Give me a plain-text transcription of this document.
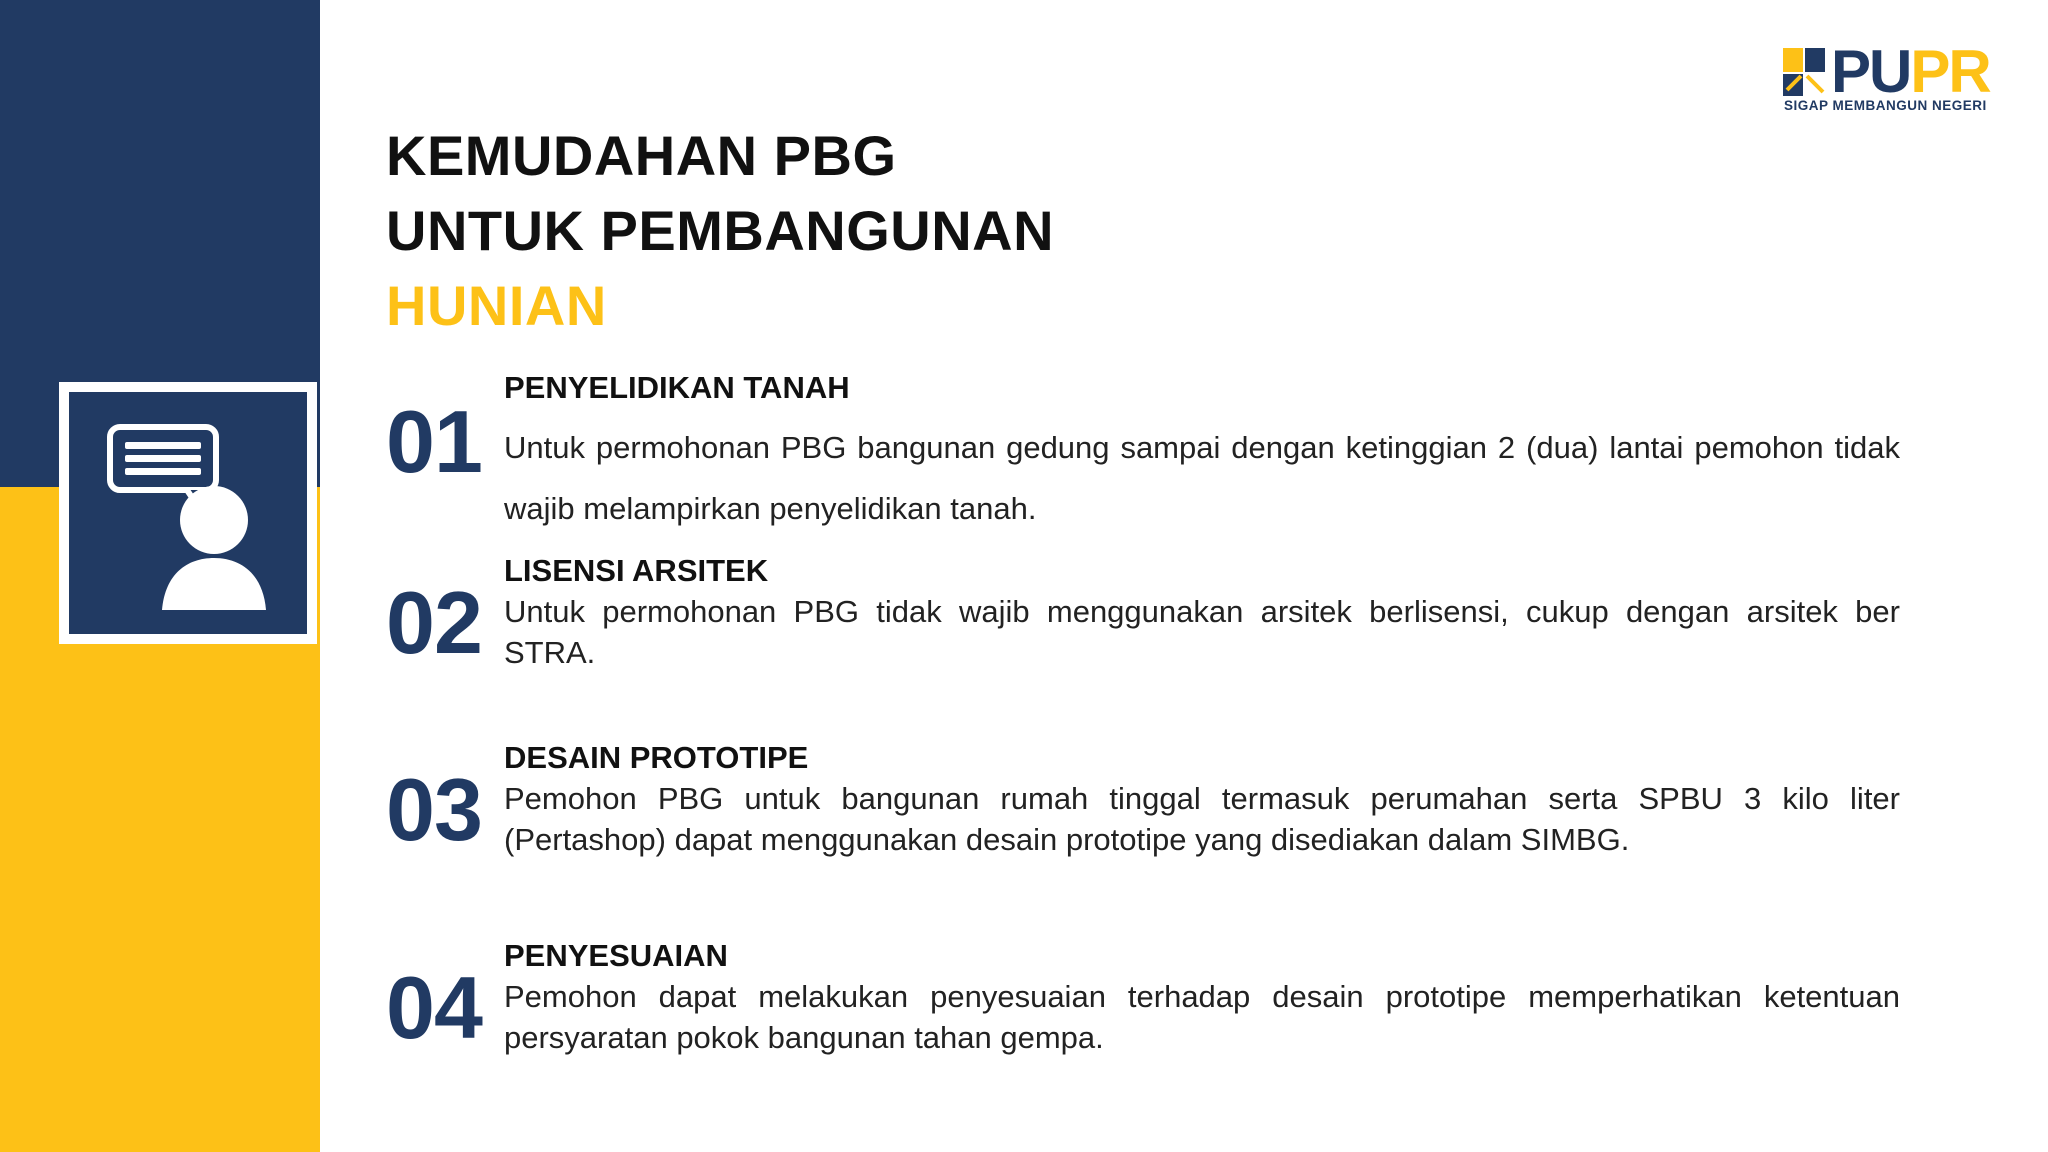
PUPR
SIGAP MEMBANGUN NEGERI
KEMUDAHAN PBG
UNTUK PEMBANGUNAN
HUNIAN
01
PENYELIDIKAN TANAH
Untuk permohonan PBG bangunan gedung sampai dengan ketinggian 2 (dua) lantai pemohon tidak wajib melampirkan penyelidikan tanah.
02
LISENSI ARSITEK
Untuk permohonan PBG tidak wajib menggunakan arsitek berlisensi, cukup dengan arsitek ber STRA.
03
DESAIN PROTOTIPE
Pemohon PBG untuk bangunan rumah tinggal termasuk perumahan serta SPBU 3 kilo liter (Pertashop) dapat menggunakan desain prototipe yang disediakan dalam SIMBG.
04
PENYESUAIAN
Pemohon dapat melakukan penyesuaian terhadap desain prototipe memperhatikan ketentuan persyaratan pokok bangunan tahan gempa.
